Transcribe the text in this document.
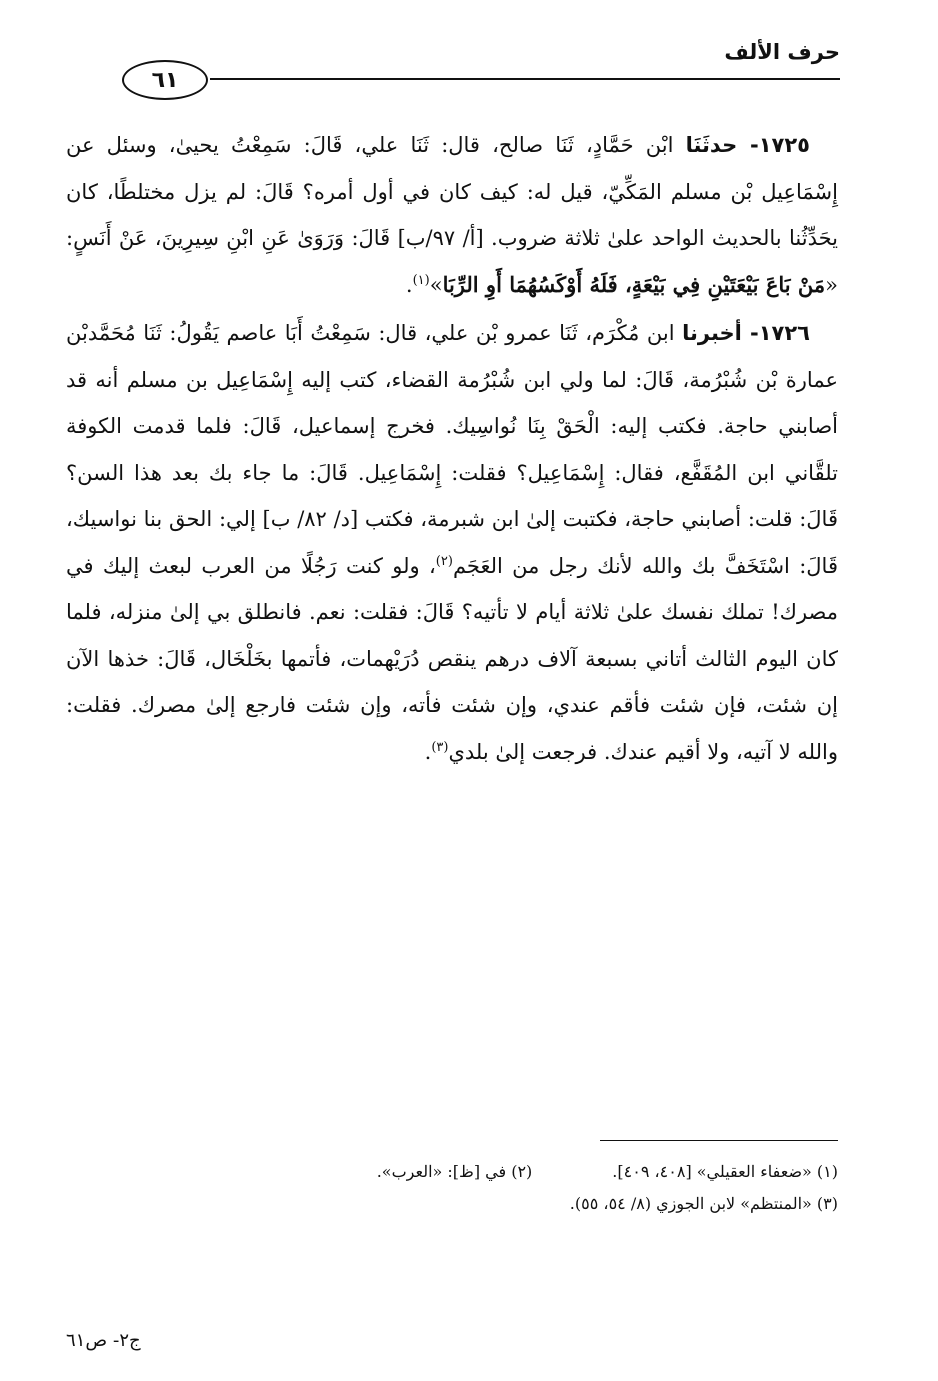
حرف الألف
٦١

١٧٢٥- حدثَنَا ابْن حَمَّادٍ، ثَنَا صالح، قال: ثَنَا علي، قَالَ: سَمِعْتُ يحيىٰ، وسئل عن إِسْمَاعِيل بْن مسلم المَكِّيّ، قيل له: كيف كان في أول أمره؟ قَالَ: لم يزل مختلطًا، كان يحَدِّثُنا بالحديث الواحد علىٰ ثلاثة ضروب. [أ/ ٩٧/ب] قَالَ: وَرَوَىٰ عَنِ ابْنِ سِيرِينَ، عَنْ أَنَسٍ: «مَنْ بَاعَ بَيْعَتَيْنِ فِي بَيْعَةٍ، فَلَهُ أَوْكَسُهُمَا أَوِ الرِّبَا»$^{(١)}$.

١٧٢٦- أخبرنا ابن مُكْرَم، ثَنَا عمرو بْن علي، قال: سَمِعْتُ أَبَا عاصم يَقُولُ: ثَنَا مُحَمَّدبْن عمارة بْن شُبْرُمة، قَالَ: لما ولي ابن شُبْرُمة القضاء، كتب إليه إِسْمَاعِيل بن مسلم أنه قد أصابني حاجة. فكتب إليه: الْحَقْ بِنَا نُواسِيك. فخرج إسماعيل، قَالَ: فلما قدمت الكوفة تلقَّاني ابن المُقَفَّع، فقال: إِسْمَاعِيل؟ فقلت: إِسْمَاعِيل. قَالَ: ما جاء بك بعد هذا السن؟ قَالَ: قلت: أصابني حاجة، فكتبت إلىٰ ابن شبرمة، فكتب [د/ ٨٢/ ب] إلي: الحق بنا نواسيك، قَالَ: اسْتَخَفَّ بك والله لأنك رجل من العَجَم$^{(٢)}$، ولو كنت رَجُلًا من العرب لبعث إليك في مصرك! تملك نفسك علىٰ ثلاثة أيام لا تأتيه؟ قَالَ: فقلت: نعم. فانطلق بي إلىٰ منزله، فلما كان اليوم الثالث أتاني بسبعة آلاف درهم ينقص دُرَيْهمات، فأتمها بخَلْخَال، قَالَ: خذها الآن إن شئت، فإن شئت فأقم عندي، وإن شئت فأته، وإن شئت فارجع إلىٰ مصرك. فقلت: والله لا آتيه، ولا أقيم عندك. فرجعت إلىٰ بلدي$^{(٣)}$.

(١) «ضعفاء العقيلي» [٤٠٨، ٤٠٩].
(٢) في [ظ]: «العرب».
(٣) «المنتظم» لابن الجوزي (٨/ ٥٤، ٥٥).
ج٢- ص٦١
